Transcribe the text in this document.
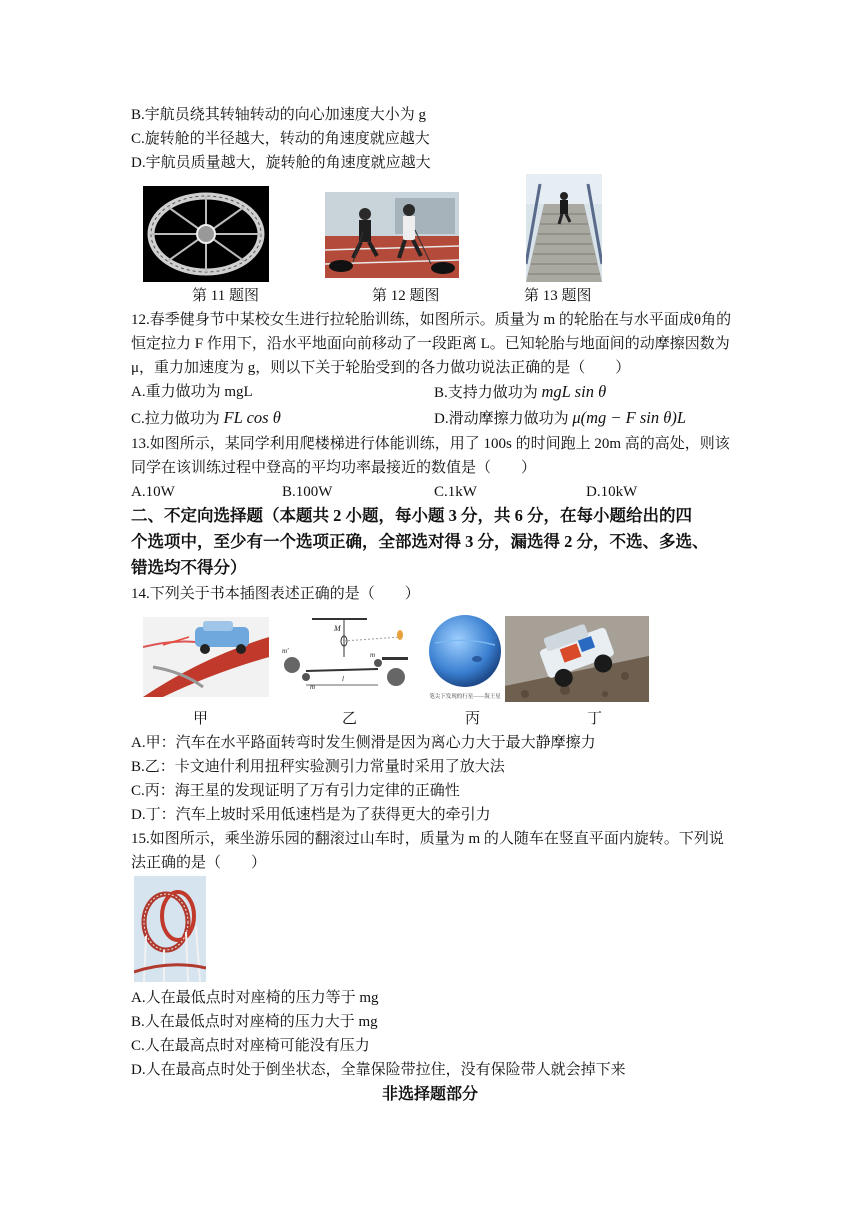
B.宇航员绕其转轴转动的向心加速度大小为 g
C.旋转舱的半径越大，转动的角速度就应越大
D.宇航员质量越大，旋转舱的角速度就应越大
第 11 题图	第 12 题图	第 13 题图
12.春季健身节中某校女生进行拉轮胎训练，如图所示。质量为 m 的轮胎在与水平面成θ角的
恒定拉力 F 作用下，沿水平地面向前移动了一段距离 L。已知轮胎与地面间的动摩擦因数为
μ，重力加速度为 g，则以下关于轮胎受到的各力做功说法正确的是（　　）
A.重力做功为 mgL	B.支持力做功为 mgL sin θ
C.拉力做功为 FL cos θ	D.滑动摩擦力做功为 μ(mg − F sin θ)L
13.如图所示，某同学利用爬楼梯进行体能训练，用了 100s 的时间跑上 20m 高的高处，则该
同学在该训练过程中登高的平均功率最接近的数值是（　　）
A.10W	B.100W	C.1kW	D.10kW
二、不定向选择题（本题共 2 小题，每小题 3 分，共 6 分，在每小题给出的四
个选项中，至少有一个选项正确，全部选对得 3 分，漏选得 2 分，不选、多选、
错选均不得分）
14.下列关于书本插图表述正确的是（　　）
M
m′
m
m
l
笔尖下发现的行星——海王星
甲	乙	丙	丁
A.甲：汽车在水平路面转弯时发生侧滑是因为离心力大于最大静摩擦力
B.乙：卡文迪什利用扭秤实验测引力常量时采用了放大法
C.丙：海王星的发现证明了万有引力定律的正确性
D.丁：汽车上坡时采用低速档是为了获得更大的牵引力
15.如图所示，乘坐游乐园的翻滚过山车时，质量为 m 的人随车在竖直平面内旋转。下列说
法正确的是（　　）
A.人在最低点时对座椅的压力等于 mg
B.人在最低点时对座椅的压力大于 mg
C.人在最高点时对座椅可能没有压力
D.人在最高点时处于倒坐状态，全靠保险带拉住，没有保险带人就会掉下来
非选择题部分
